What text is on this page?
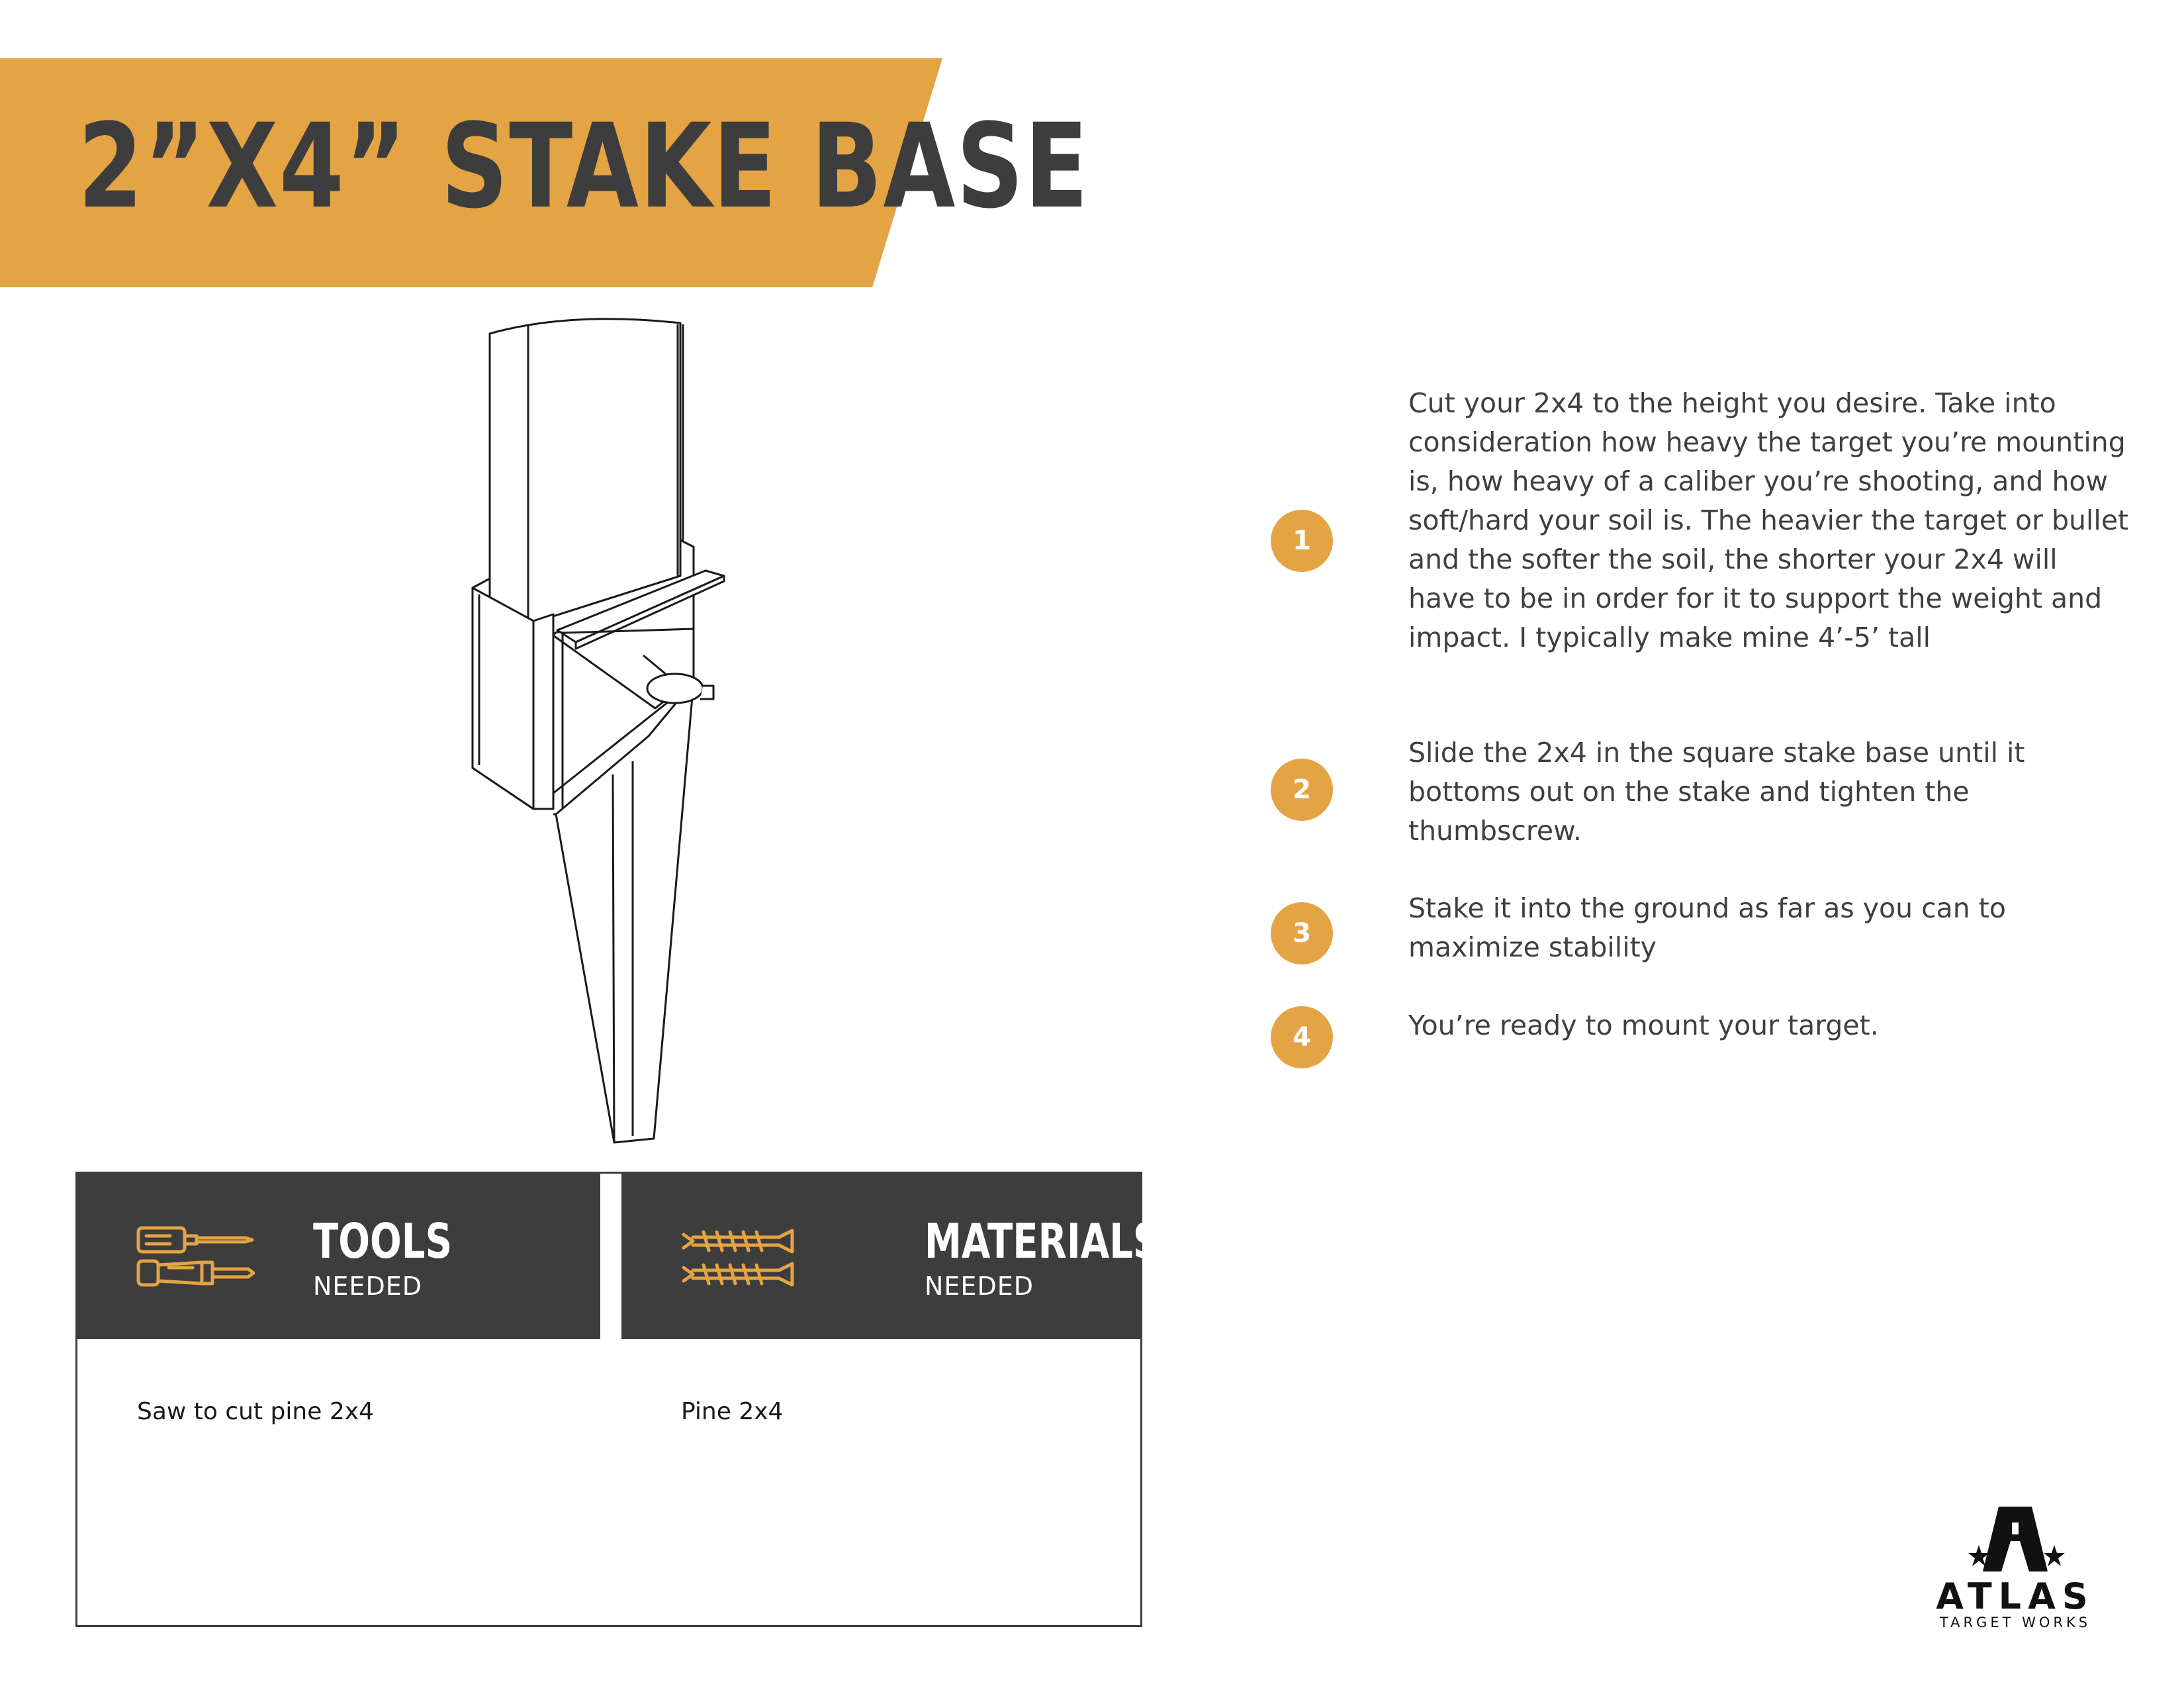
2”X4” STAKE BASE
1
Cut your 2x4 to the height you desire. Take into consideration how heavy the target you’re mounting is, how heavy of a caliber you’re shooting, and how soft/hard your soil is. The heavier the target or bullet and the softer the soil, the shorter your 2x4 will have to be in order for it to support the weight and impact. I typically make mine 4’-5’ tall
2
Slide the 2x4 in the square stake base until it bottoms out on the stake and tighten the thumbscrew.
3
Stake it into the ground as far as you can to maximize stability
4	You’re ready to mount your target.
TOOLS
NEEDED
MATERIALS
NEEDED
Saw to cut pine 2x4	Pine 2x4
ATLAS
TARGET WORKS
